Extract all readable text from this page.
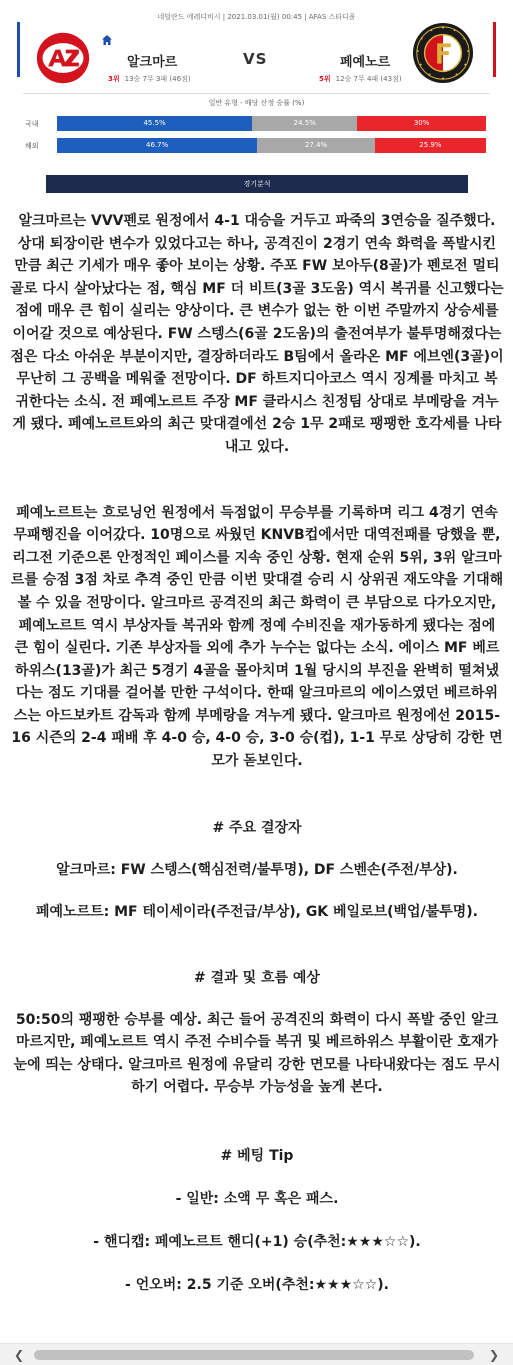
네덜란드 에레디비시 | 2021.03.01(월) 00:45 | AFAS 스타디움
알크마르	VS	페예노르
3위 13승 7무 3패 (46점)	5위 12승 7무 4패 (43점)
일반 유형 - 배당 산정 승률 (%)
국내	45.5%	24.5%	30%
해외	46.7%	27.4%	25.9%
경기분석

알크마르는 VVV펜로 원정에서 4-1 대승을 거두고 파죽의 3연승을 질주했다. 상대 퇴장이란 변수가 있었다고는 하나, 공격진이 2경기 연속 화력을 폭발시킨 만큼 최근 기세가 매우 좋아 보이는 상황. 주포 FW 보아두(8골)가 펜로전 멀티골로 다시 살아났다는 점, 핵심 MF 더 비트(3골 3도움) 역시 복귀를 신고했다는 점에 매우 큰 힘이 실리는 양상이다. 큰 변수가 없는 한 이번 주말까지 상승세를 이어갈 것으로 예상된다. FW 스텡스(6골 2도움)의 출전여부가 불투명해졌다는 점은 다소 아쉬운 부분이지만, 결장하더라도 B팀에서 올라온 MF 에브엔(3골)이 무난히 그 공백을 메워줄 전망이다. DF 하트지디아코스 역시 징계를 마치고 복귀한다는 소식. 전 페예노르트 주장 MF 클라시스 친정팀 상대로 부메랑을 겨누게 됐다. 페예노르트와의 최근 맞대결에선 2승 1무 2패로 팽팽한 호각세를 나타내고 있다.

페예노르트는 흐로닝언 원정에서 득점없이 무승부를 기록하며 리그 4경기 연속 무패행진을 이어갔다. 10명으로 싸웠던 KNVB컵에서만 대역전패를 당했을 뿐, 리그전 기준으론 안정적인 페이스를 지속 중인 상황. 현재 순위 5위, 3위 알크마르를 승점 3점 차로 추격 중인 만큼 이번 맞대결 승리 시 상위권 재도약을 기대해 볼 수 있을 전망이다. 알크마르 공격진의 최근 화력이 큰 부담으로 다가오지만, 페예노르트 역시 부상자들 복귀와 함께 정예 수비진을 재가동하게 됐다는 점에 큰 힘이 실린다. 기존 부상자들 외에 추가 누수는 없다는 소식. 에이스 MF 베르하위스(13골)가 최근 5경기 4골을 몰아치며 1월 당시의 부진을 완벽히 떨쳐냈다는 점도 기대를 걸어볼 만한 구석이다. 한때 알크마르의 에이스였던 베르하위스는 아드보카트 감독과 함께 부메랑을 겨누게 됐다. 알크마르 원정에선 2015-16 시즌의 2-4 패배 후 4-0 승, 4-0 승, 3-0 승(컵), 1-1 무로 상당히 강한 면모가 돋보인다.

# 주요 결장자

알크마르: FW 스텡스(핵심전력/불투명), DF 스벤손(주전/부상).

페예노르트: MF 테이세이라(주전급/부상), GK 베일로브(백업/불투명).

# 결과 및 흐름 예상

50:50의 팽팽한 승부를 예상. 최근 들어 공격진의 화력이 다시 폭발 중인 알크마르지만, 페예노르트 역시 주전 수비수들 복귀 및 베르하위스 부활이란 호재가 눈에 띄는 상태다. 알크마르 원정에 유달리 강한 면모를 나타내왔다는 점도 무시하기 어렵다. 무승부 가능성을 높게 본다.

# 베팅 Tip

- 일반: 소액 무 혹은 패스.

- 핸디캡: 페예노르트 핸디(+1) 승(추천:★★★☆☆).

- 언오버: 2.5 기준 오버(추천:★★★☆☆).

❮	❯
